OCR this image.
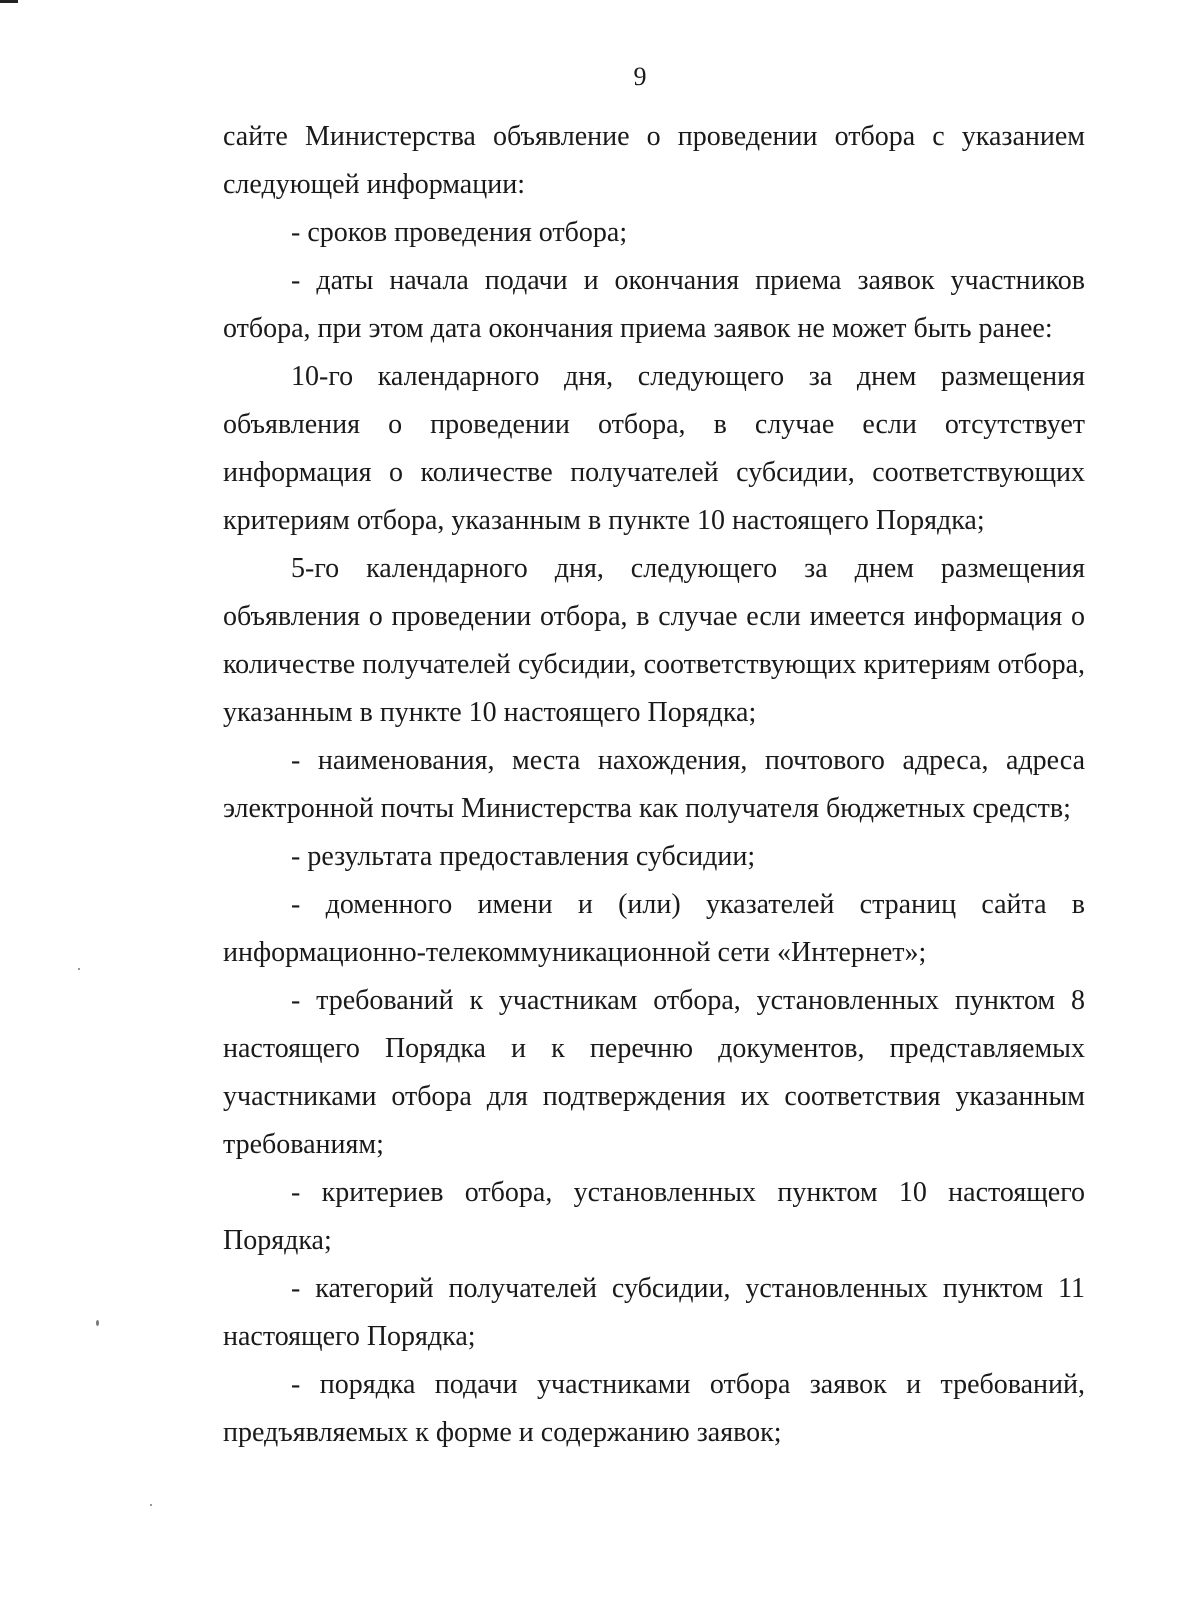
9

сайте Министерства объявление о проведении отбора с указанием следующей информации:

- сроков проведения отбора;

- даты начала подачи и окончания приема заявок участников отбора, при этом дата окончания приема заявок не может быть ранее:

10-го календарного дня, следующего за днем размещения объявления о проведении отбора, в случае если отсутствует информация о количестве получателей субсидии, соответствующих критериям отбора, указанным в пункте 10 настоящего Порядка;

5-го календарного дня, следующего за днем размещения объявления о проведении отбора, в случае если имеется информация о количестве получателей субсидии, соответствующих критериям отбора, указанным в пункте 10 настоящего Порядка;

- наименования, места нахождения, почтового адреса, адреса электронной почты Министерства как получателя бюджетных средств;

- результата предоставления субсидии;

- доменного имени и (или) указателей страниц сайта в информационно-телекоммуникационной сети «Интернет»;

- требований к участникам отбора, установленных пунктом 8 настоящего Порядка и к перечню документов, представляемых участниками отбора для подтверждения их соответствия указанным требованиям;

- критериев отбора, установленных пунктом 10 настоящего Порядка;

- категорий получателей субсидии, установленных пунктом 11 настоящего Порядка;

- порядка подачи участниками отбора заявок и требований, предъявляемых к форме и содержанию заявок;
